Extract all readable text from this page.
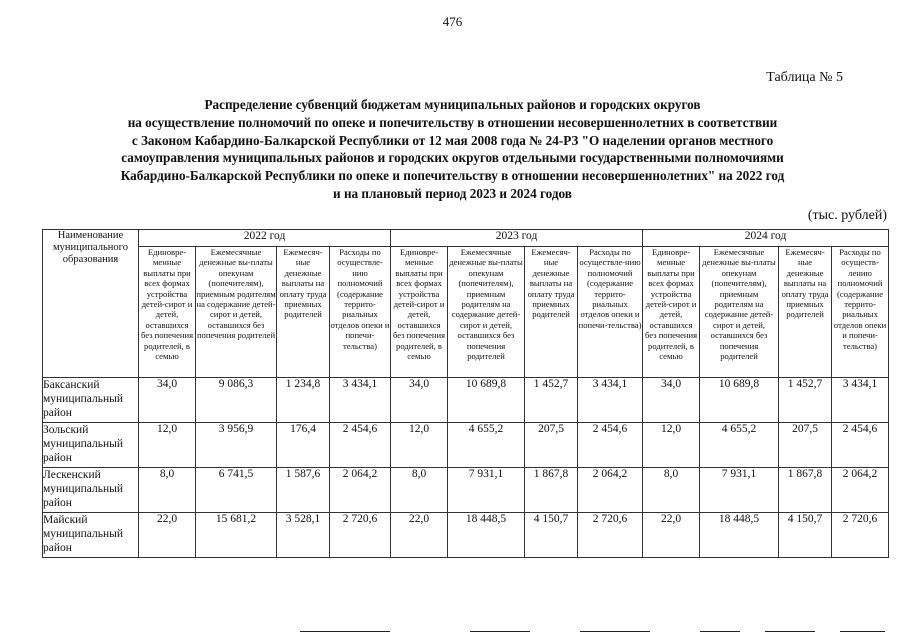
476
Таблица № 5
Распределение субвенций бюджетам муниципальных районов и городских округов
на осуществление полномочий по опеке и попечительству в отношении несовершеннолетних в соответствии
с Законом Кабардино-Балкарской Республики от 12 мая 2008 года № 24-РЗ "О наделении органов местного
самоуправления муниципальных районов и городских округов отдельными государственными полномочиями
Кабардино-Балкарской Республики по опеке и попечительству в отношении несовершеннолетних" на 2022 год
и на плановый период 2023 и 2024 годов
(тыс. рублей)
Наименование муниципального образования	2022 год				2023 год				2024 год			
	Единовре-менные выплаты при всех формах устройства детей-сирот и детей, оставшихся без попечения родителей, в семью	Ежемесячные денежные вы-платы опекунам (попечителям), приемным родителям на содержание детей-сирот и детей, оставшихся без попечения родителей	Ежемесяч-ные денежные выплаты на оплату труда приемных родителей	Расходы по осуществле-нию полномочий (содержание террито-риальных отделов опеки и попечи-тельства)	Единовре-менные выплаты при всех формах устройства детей-сирот и детей, оставшихся без попечения родителей, в семью	Ежемесячные денежные вы-платы опекунам (попечителям), приемным родителям на содержание детей-сирот и детей, оставшихся без попечения родителей	Ежемесяч-ные денежные выплаты на оплату труда приемных родителей	Расходы по осуществле-нию полномочий (содержание террито-риальных отделов опеки и попечи-тельства)	Единовре-менные выплаты при всех формах устройства детей-сирот и детей, оставшихся без попечения родителей, в семью	Ежемесячные денежные вы-платы опекунам (попечителям), приемным родителям на содержание детей-сирот и детей, оставшихся без попечения родителей	Ежемесяч-ные денежные выплаты на оплату труда приемных родителей	Расходы по осуществ-лению полномочий (содержание террито-риальных отделов опеки и попечи-тельства)
Баксанский муниципальный район	34,0	9 086,3	1 234,8	3 434,1	34,0	10 689,8	1 452,7	3 434,1	34,0	10 689,8	1 452,7	3 434,1
Зольский муниципальный район	12,0	3 956,9	176,4	2 454,6	12,0	4 655,2	207,5	2 454,6	12,0	4 655,2	207,5	2 454,6
Лескенский муниципальный район	8,0	6 741,5	1 587,6	2 064,2	8,0	7 931,1	1 867,8	2 064,2	8,0	7 931,1	1 867,8	2 064,2
Майский муниципальный район	22,0	15 681,2	3 528,1	2 720,6	22,0	18 448,5	4 150,7	2 720,6	22,0	18 448,5	4 150,7	2 720,6
